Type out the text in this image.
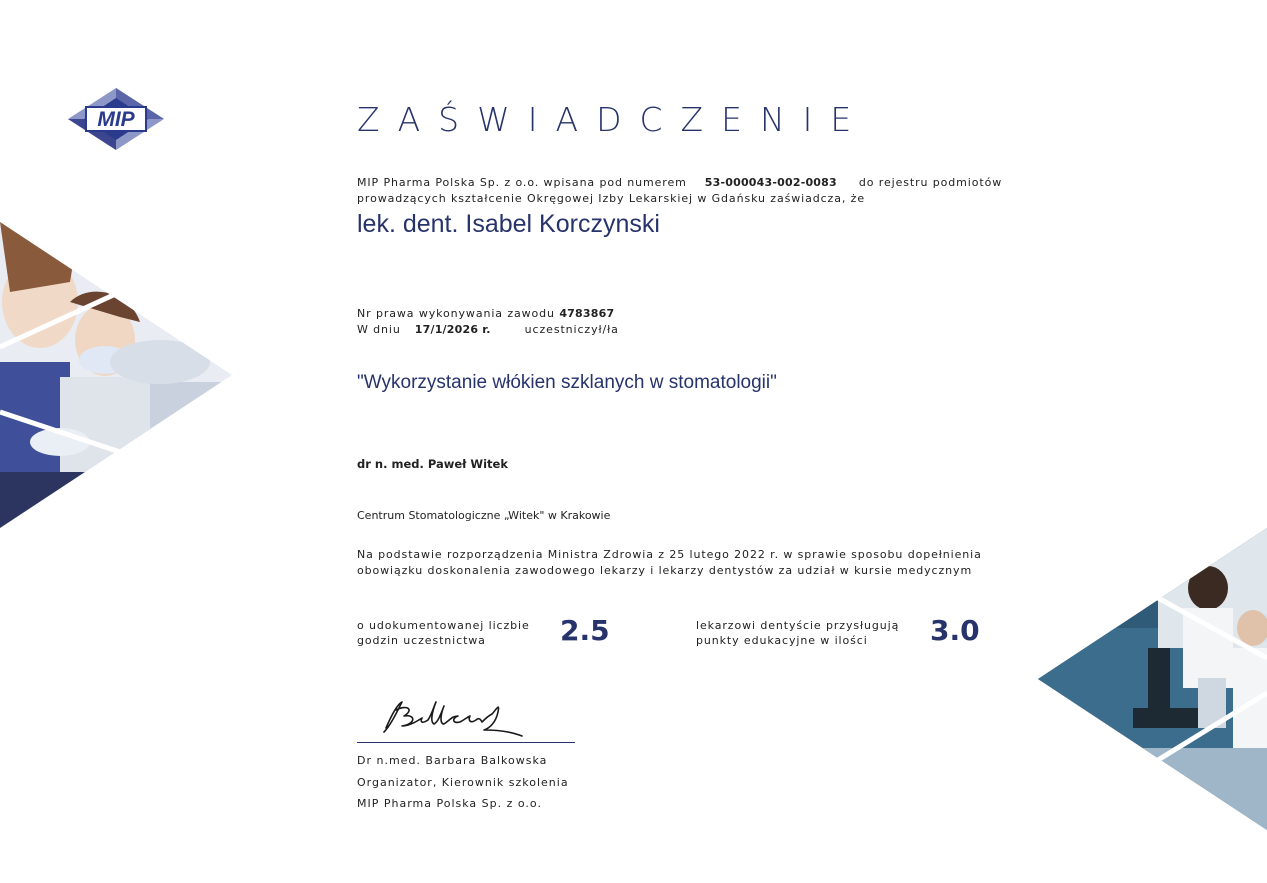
MIP	ZAŚWIADCZENIE
MIP Pharma Polska Sp. z o.o. wpisana pod numerem 53-000043-002-0083 do rejestru podmiotów
prowadzących kształcenie Okręgowej Izby Lekarskiej w Gdańsku zaświadcza, że
lek. dent. Isabel Korczynski
Nr prawa wykonywania zawodu 4783867
W dniu 17/1/2026 r.	uczestniczył/ła
"Wykorzystanie włókien szklanych w stomatologii"
dr n. med. Paweł Witek
Centrum Stomatologiczne „Witek" w Krakowie
Na podstawie rozporządzenia Ministra Zdrowia z 25 lutego 2022 r. w sprawie sposobu dopełnienia
obowiązku doskonalenia zawodowego lekarzy i lekarzy dentystów za udział w kursie medycznym
o udokumentowanej liczbie
godzin uczestnictwa	2.5	lekarzowi dentyście przysługują
punkty edukacyjne w ilości	3.0
Dr n.med. Barbara Balkowska
Organizator, Kierownik szkolenia
MIP Pharma Polska Sp. z o.o.
